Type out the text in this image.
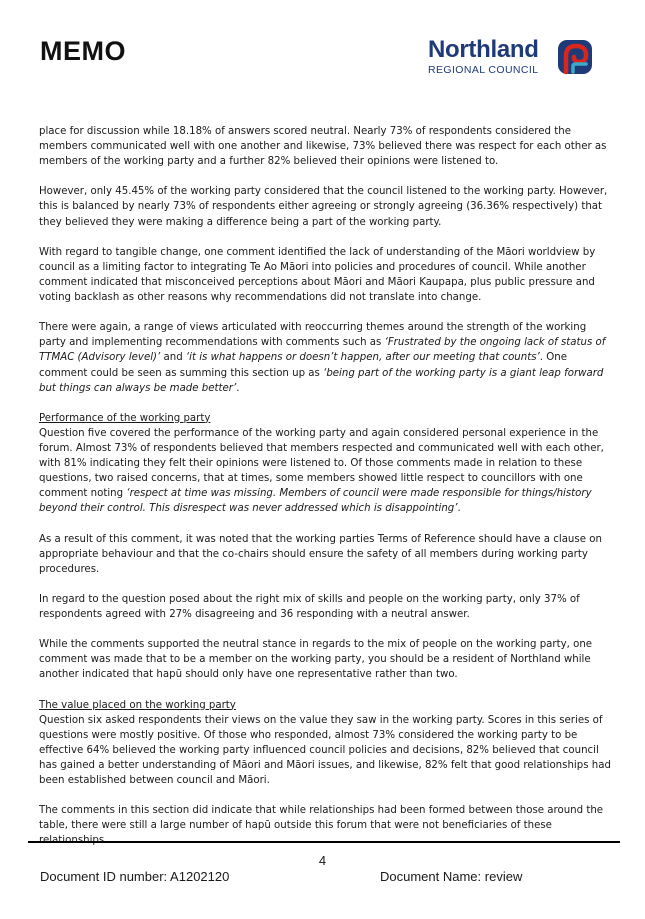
MEMO	Northland
REGIONAL COUNCIL

place for discussion while 18.18% of answers scored neutral. Nearly 73% of respondents considered the members communicated well with one another and likewise, 73% believed there was respect for each other as members of the working party and a further 82% believed their opinions were listened to.

However, only 45.45% of the working party considered that the council listened to the working party. However, this is balanced by nearly 73% of respondents either agreeing or strongly agreeing (36.36% respectively) that they believed they were making a difference being a part of the working party.

With regard to tangible change, one comment identified the lack of understanding of the Māori worldview by council as a limiting factor to integrating Te Ao Māori into policies and procedures of council. While another comment indicated that misconceived perceptions about Māori and Māori Kaupapa, plus public pressure and voting backlash as other reasons why recommendations did not translate into change.

There were again, a range of views articulated with reoccurring themes around the strength of the working party and implementing recommendations with comments such as ‘Frustrated by the ongoing lack of status of TTMAC (Advisory level)’ and ‘it is what happens or doesn’t happen, after our meeting that counts’. One comment could be seen as summing this section up as ‘being part of the working party is a giant leap forward but things can always be made better’.

Performance of the working party

Question five covered the performance of the working party and again considered personal experience in the forum. Almost 73% of respondents believed that members respected and communicated well with each other, with 81% indicating they felt their opinions were listened to. Of those comments made in relation to these questions, two raised concerns, that at times, some members showed little respect to councillors with one comment noting ‘respect at time was missing. Members of council were made responsible for things/history beyond their control. This disrespect was never addressed which is disappointing’.

As a result of this comment, it was noted that the working parties Terms of Reference should have a clause on appropriate behaviour and that the co-chairs should ensure the safety of all members during working party procedures.

In regard to the question posed about the right mix of skills and people on the working party, only 37% of respondents agreed with 27% disagreeing and 36 responding with a neutral answer.

While the comments supported the neutral stance in regards to the mix of people on the working party, one comment was made that to be a member on the working party, you should be a resident of Northland while another indicated that hapū should only have one representative rather than two.

The value placed on the working party

Question six asked respondents their views on the value they saw in the working party. Scores in this series of questions were mostly positive. Of those who responded, almost 73% considered the working party to be effective 64% believed the working party influenced council policies and decisions, 82% believed that council has gained a better understanding of Māori and Māori issues, and likewise, 82% felt that good relationships had been established between council and Māori.

The comments in this section did indicate that while relationships had been formed between those around the table, there were still a large number of hapū outside this forum that were not beneficiaries of these relationships.

4
Document ID number: A1202120	Document Name: review
